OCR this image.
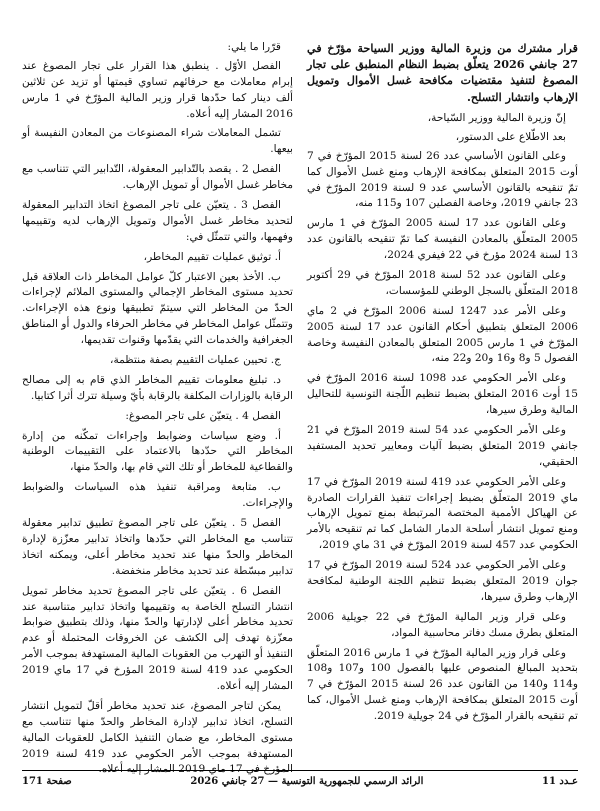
قرار مشترك من وزيرة المالية ووزير السياحة مؤرّخ في 27 جانفي 2026 يتعلّق بضبط النظام المنطبق على تجار المصوغ لتنفيذ مقتضيات مكافحة غسل الأموال وتمويل الإرهاب وانتشار التسلح.

إنّ وزيرة المالية ووزير السّياحة،

بعد الاطّلاع على الدستور،

وعلى القانون الأساسي عدد 26 لسنة 2015 المؤرّخ في 7 أوت 2015 المتعلق بمكافحة الإرهاب ومنع غسل الأموال كما تمّ تنقيحه بالقانون الأساسي عدد 9 لسنة 2019 المؤرّخ في 23 جانفي 2019، وخاصة الفصلين 107 و115 منه،

وعلى القانون عدد 17 لسنة 2005 المؤرّخ في 1 مارس 2005 المتعلّق بالمعادن النفيسة كما تمّ تنقيحه بالقانون عدد 13 لسنة 2024 مؤرخ في 22 فيفري 2024،

وعلى القانون عدد 52 لسنة 2018 المؤرّخ في 29 أكتوبر 2018 المتعلّق بالسجل الوطني للمؤسسات،

وعلى الأمر عدد 1247 لسنة 2006 المؤرّخ في 2 ماي 2006 المتعلق بتطبيق أحكام القانون عدد 17 لسنة 2005 المؤرّخ في 1 مارس 2005 المتعلق بالمعادن النفيسة وخاصة الفصول 5 و8 و16 و20 و22 منه،

وعلى الأمر الحكومي عدد 1098 لسنة 2016 المؤرّخ في 15 أوت 2016 المتعلق بضبط تنظيم اللّجنة التونسية للتحاليل المالية وطرق سيرها،

وعلى الأمر الحكومي عدد 54 لسنة 2019 المؤرّخ في 21 جانفي 2019 المتعلق بضبط آليات ومعايير تحديد المستفيد الحقيقي،

وعلى الأمر الحكومي عدد 419 لسنة 2019 المؤرّخ في 17 ماي 2019 المتعلّق بضبط إجراءات تنفيذ القرارات الصادرة عن الهياكل الأممية المختصة المرتبطة بمنع تمويل الإرهاب ومنع تمويل انتشار أسلحة الدمار الشامل كما تم تنقيحه بالأمر الحكومي عدد 457 لسنة 2019 المؤرّخ في 31 ماي 2019،

وعلى الأمر الحكومي عدد 524 لسنة 2019 المؤرّخ في 17 جوان 2019 المتعلق بضبط تنظيم اللجنة الوطنية لمكافحة الإرهاب وطرق سيرها،

وعلى قرار وزير المالية المؤرّخ في 22 جويلية 2006 المتعلق بطرق مسك دفاتر محاسبية المواد،

وعلى قرار وزير المالية المؤرّخ في 1 مارس 2016 المتعلّق بتحديد المبالغ المنصوص عليها بالفصول 100 و107 و108 و114 و140 من القانون عدد 26 لسنة 2015 المؤرّخ في 7 أوت 2015 المتعلق بمكافحة الإرهاب ومنع غسل الأموال، كما تم تنقيحه بالقرار المؤرّخ في 24 جويلية 2019.

قرّرا ما يلي:

الفصل الأوّل . ينطبق هذا القرار على تجار المصوغ عند إبرام معاملات مع حرفائهم تساوي قيمتها أو تزيد عن ثلاثين ألف دينار كما حدّدها قرار وزير المالية المؤرّخ في 1 مارس 2016 المشار إليه أعلاه.

تشمل المعاملات شراء المصنوعات من المعادن النفيسة أو بيعها.

الفصل 2 . يقصد بالتّدابير المعقولة، التّدابير التي تتناسب مع مخاطر غسل الأموال أو تمويل الإرهاب.

الفصل 3 . يتعيّن على تاجر المصوغ اتخاذ التدابير المعقولة لتحديد مخاطر غسل الأموال وتمويل الإرهاب لديه وتقييمها وفهمها، والتي تتمثّل في:

أ. توثيق عمليات تقييم المخاطر،

ب. الأخذ بعين الاعتبار كلّ عوامل المخاطر ذات العلاقة قبل تحديد مستوى المخاطر الإجمالي والمستوى الملائم لإجراءات الحدّ من المخاطر التي سيتمّ تطبيقها ونوع هذه الإجراءات. وتتمثّل عوامل المخاطر في مخاطر الحرفاء والدول أو المناطق الجغرافية والخدمات التي يقدّمها وقنوات تقديمها،

ج. تحيين عمليات التقييم بصفة منتظمة،

د. تبليغ معلومات تقييم المخاطر الذي قام به إلى مصالح الرقابة بالوزارات المكلفة بالرقابة بأيّ وسيلة تترك أثرا كتابيا.

الفصل 4 . يتعيّن على تاجر المصوغ:

أ. وضع سياسات وضوابط وإجراءات تمكّنه من إدارة المخاطر التي حدّدها بالاعتماد على التقييمات الوطنية والقطاعية للمخاطر أو تلك التي قام بها، والحدّ منها،

ب. متابعة ومراقبة تنفيذ هذه السياسات والضوابط والإجراءات.

الفصل 5 . يتعيّن على تاجر المصوغ تطبيق تدابير معقولة تتناسب مع المخاطر التي حدّدها واتخاذ تدابير معزّزة لإدارة المخاطر والحدّ منها عند تحديد مخاطر أعلى، ويمكنه اتخاذ تدابير مبسّطة عند تحديد مخاطر منخفضة.

الفصل 6 . يتعيّن على تاجر المصوغ تحديد مخاطر تمويل انتشار التسلح الخاصة به وتقييمها واتخاذ تدابير متناسبة عند تحديد مخاطر أعلى لإدارتها والحدّ منها، وذلك بتطبيق ضوابط معزّزة تهدف إلى الكشف عن الخروقات المحتملة أو عدم التنفيذ أو التهرب من العقوبات المالية المستهدفة بموجب الأمر الحكومي عدد 419 لسنة 2019 المؤرخ في 17 ماي 2019 المشار إليه أعلاه.

يمكن لتاجر المصوغ، عند تحديد مخاطر أقلّ لتمويل انتشار التسلح، اتخاذ تدابير لإدارة المخاطر والحدّ منها تتناسب مع مستوى المخاطر، مع ضمان التنفيذ الكامل للعقوبات المالية المستهدفة بموجب الأمر الحكومي عدد 419 لسنة 2019 المؤرخ في 17 ماي 2019 المشار إليه أعلاه.

عـدد 11
الرائد الرسمي للجمهورية التونسية — 27 جانفي 2026
صفحة 171
